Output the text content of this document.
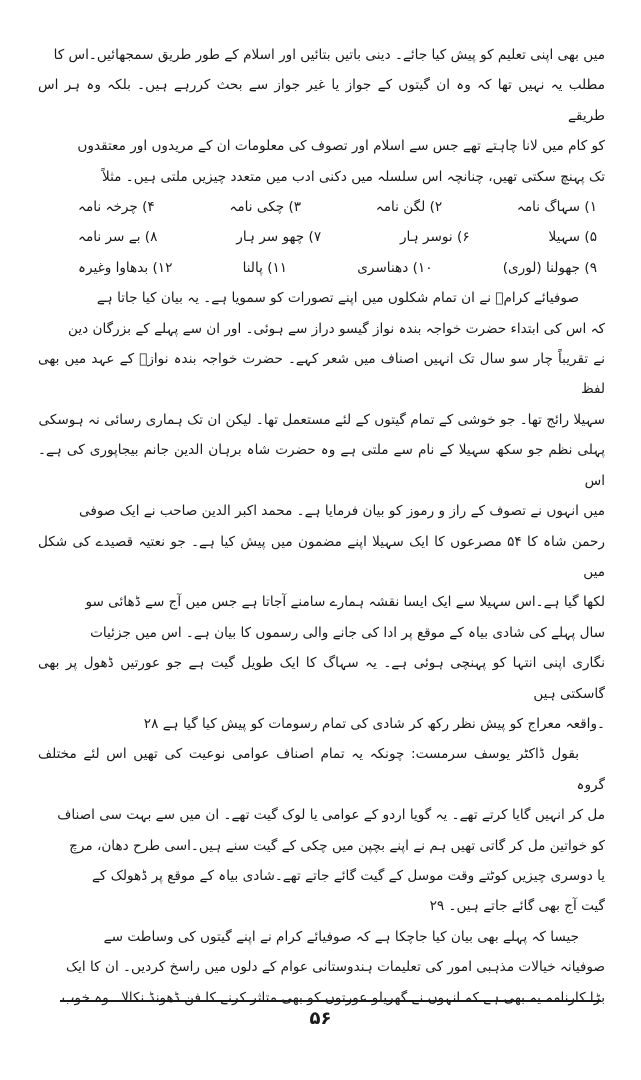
میں بھی اپنی تعلیم کو پیش کیا جائے۔ دینی باتیں بتائیں اور اسلام کے طور طریق سمجھائیں۔اس کا
مطلب یہ نہیں تھا کہ وہ ان گیتوں کے جواز یا غیر جواز سے بحث کررہے ہیں۔ بلکہ وہ ہر اس طریقے
کو کام میں لانا چاہتے تھے جس سے اسلام اور تصوف کی معلومات ان کے مریدوں اور معتقدوں
تک پہنچ سکتی تھیں، چنانچہ اس سلسلہ میں دکنی ادب میں متعدد چیزیں ملتی ہیں۔ مثلاً
۱) سہاگ نامہ
۲) لگن نامہ
۳) چکی نامہ
۴) چرخہ نامہ
۵) سہیلا
۶) نوسر ہار
۷) چھو سر ہار
۸) بے سر نامہ
۹) جھولنا (لوری)
۱۰) دھناسری
۱۱) پالنا
۱۲) بدھاوا وغیرہ
صوفیائے کرامؒ نے ان تمام شکلوں میں اپنے تصورات کو سمویا ہے۔ یہ بیان کیا جاتا ہے
کہ اس کی ابتداء حضرت خواجہ بندہ نواز گیسو دراز سے ہوئی۔ اور ان سے پہلے کے بزرگان دین
نے تقریباً چار سو سال تک انہیں اصناف میں شعر کہے۔ حضرت خواجہ بندہ نوازؒ کے عہد میں بھی لفظ
سہیلا رائج تھا۔ جو خوشی کے تمام گیتوں کے لئے مستعمل تھا۔ لیکن ان تک ہماری رسائی نہ ہوسکی
پہلی نظم جو سکھ سہیلا کے نام سے ملتی ہے وہ حضرت شاہ برہان الدین جانم بیجاپوری کی ہے۔اس
میں انہوں نے تصوف کے راز و رموز کو بیان فرمایا ہے۔ محمد اکبر الدین صاحب نے ایک صوفی
رحمن شاہ کا ۵۴ مصرعوں کا ایک سہیلا اپنے مضمون میں پیش کیا ہے۔ جو نعتیہ قصیدے کی شکل میں
لکھا گیا ہے۔اس سہیلا سے ایک ایسا نقشہ ہمارے سامنے آجاتا ہے جس میں آج سے ڈھائی سو
سال پہلے کی شادی بیاہ کے موقع پر ادا کی جانے والی رسموں کا بیان ہے۔ اس میں جزئیات
نگاری اپنی انتہا کو پہنچی ہوئی ہے۔ یہ سہاگ کا ایک طویل گیت ہے جو عورتیں ڈھول پر بھی گاسکتی ہیں
۔واقعہ معراج کو پیش نظر رکھ کر شادی کی تمام رسومات کو پیش کیا گیا ہے ۲۸
بقول ڈاکٹر یوسف سرمست: چونکہ یہ تمام اصناف عوامی نوعیت کی تھیں اس لئے مختلف گروہ
مل کر انہیں گایا کرتے تھے۔ یہ گویا اردو کے عوامی یا لوک گیت تھے۔ ان میں سے بہت سی اصناف
کو خواتین مل کر گاتی تھیں ہم نے اپنے بچپن میں چکی کے گیت سنے ہیں۔اسی طرح دھان، مرچ
یا دوسری چیزیں کوٹتے وقت موسل کے گیت گائے جاتے تھے۔شادی بیاہ کے موقع پر ڈھولک کے
گیت آج بھی گائے جاتے ہیں۔ ۲۹
جیسا کہ پہلے بھی بیان کیا جاچکا ہے کہ صوفیائے کرام نے اپنے گیتوں کی وساطت سے
صوفیانہ خیالات مذہبی امور کی تعلیمات ہندوستانی عوام کے دلوں میں راسخ کردیں۔ ان کا ایک
بڑا کارنامہ یہ بھی ہے کہ انہوں نے گھریلو عورتوں کو بھی متاثر کرنے کا فن ڈھونڈ نکالا۔ وہ خوب
۵۶
